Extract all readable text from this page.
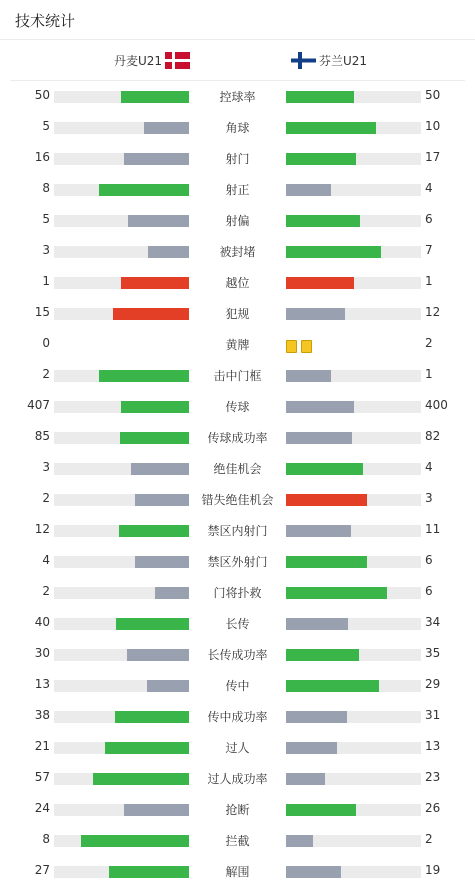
技术统计
丹麦U21	芬兰U21
50	控球率	50
5	角球	10
16	射门	17
8	射正	4
5	射偏	6
3	被封堵	7
1	越位	1
15	犯规	12
0	黄牌	2
2	击中门框	1
407	传球	400
85	传球成功率	82
3	绝佳机会	4
2	错失绝佳机会	3
12	禁区内射门	11
4	禁区外射门	6
2	门将扑救	6
40	长传	34
30	长传成功率	35
13	传中	29
38	传中成功率	31
21	过人	13
57	过人成功率	23
24	抢断	26
8	拦截	2
27	解围	19
